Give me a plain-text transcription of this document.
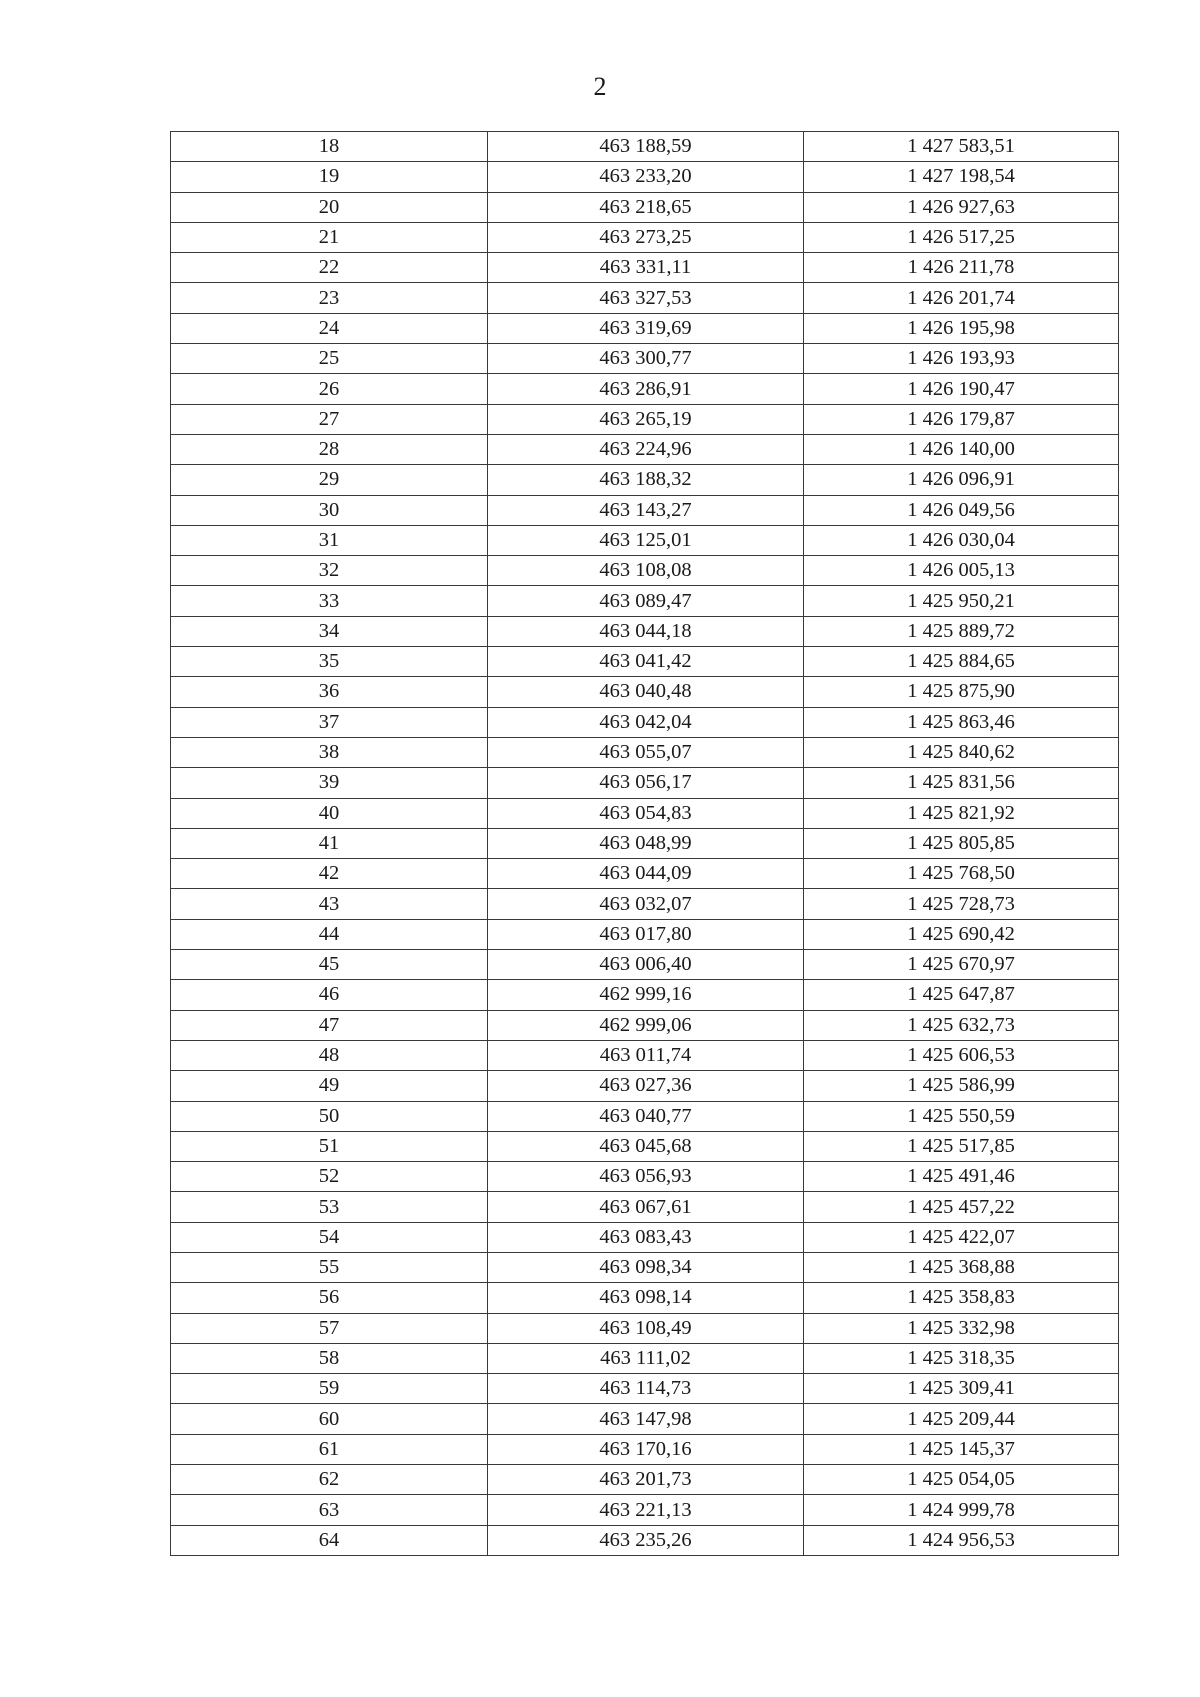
2
18	463 188,59	1 427 583,51
19	463 233,20	1 427 198,54
20	463 218,65	1 426 927,63
21	463 273,25	1 426 517,25
22	463 331,11	1 426 211,78
23	463 327,53	1 426 201,74
24	463 319,69	1 426 195,98
25	463 300,77	1 426 193,93
26	463 286,91	1 426 190,47
27	463 265,19	1 426 179,87
28	463 224,96	1 426 140,00
29	463 188,32	1 426 096,91
30	463 143,27	1 426 049,56
31	463 125,01	1 426 030,04
32	463 108,08	1 426 005,13
33	463 089,47	1 425 950,21
34	463 044,18	1 425 889,72
35	463 041,42	1 425 884,65
36	463 040,48	1 425 875,90
37	463 042,04	1 425 863,46
38	463 055,07	1 425 840,62
39	463 056,17	1 425 831,56
40	463 054,83	1 425 821,92
41	463 048,99	1 425 805,85
42	463 044,09	1 425 768,50
43	463 032,07	1 425 728,73
44	463 017,80	1 425 690,42
45	463 006,40	1 425 670,97
46	462 999,16	1 425 647,87
47	462 999,06	1 425 632,73
48	463 011,74	1 425 606,53
49	463 027,36	1 425 586,99
50	463 040,77	1 425 550,59
51	463 045,68	1 425 517,85
52	463 056,93	1 425 491,46
53	463 067,61	1 425 457,22
54	463 083,43	1 425 422,07
55	463 098,34	1 425 368,88
56	463 098,14	1 425 358,83
57	463 108,49	1 425 332,98
58	463 111,02	1 425 318,35
59	463 114,73	1 425 309,41
60	463 147,98	1 425 209,44
61	463 170,16	1 425 145,37
62	463 201,73	1 425 054,05
63	463 221,13	1 424 999,78
64	463 235,26	1 424 956,53
